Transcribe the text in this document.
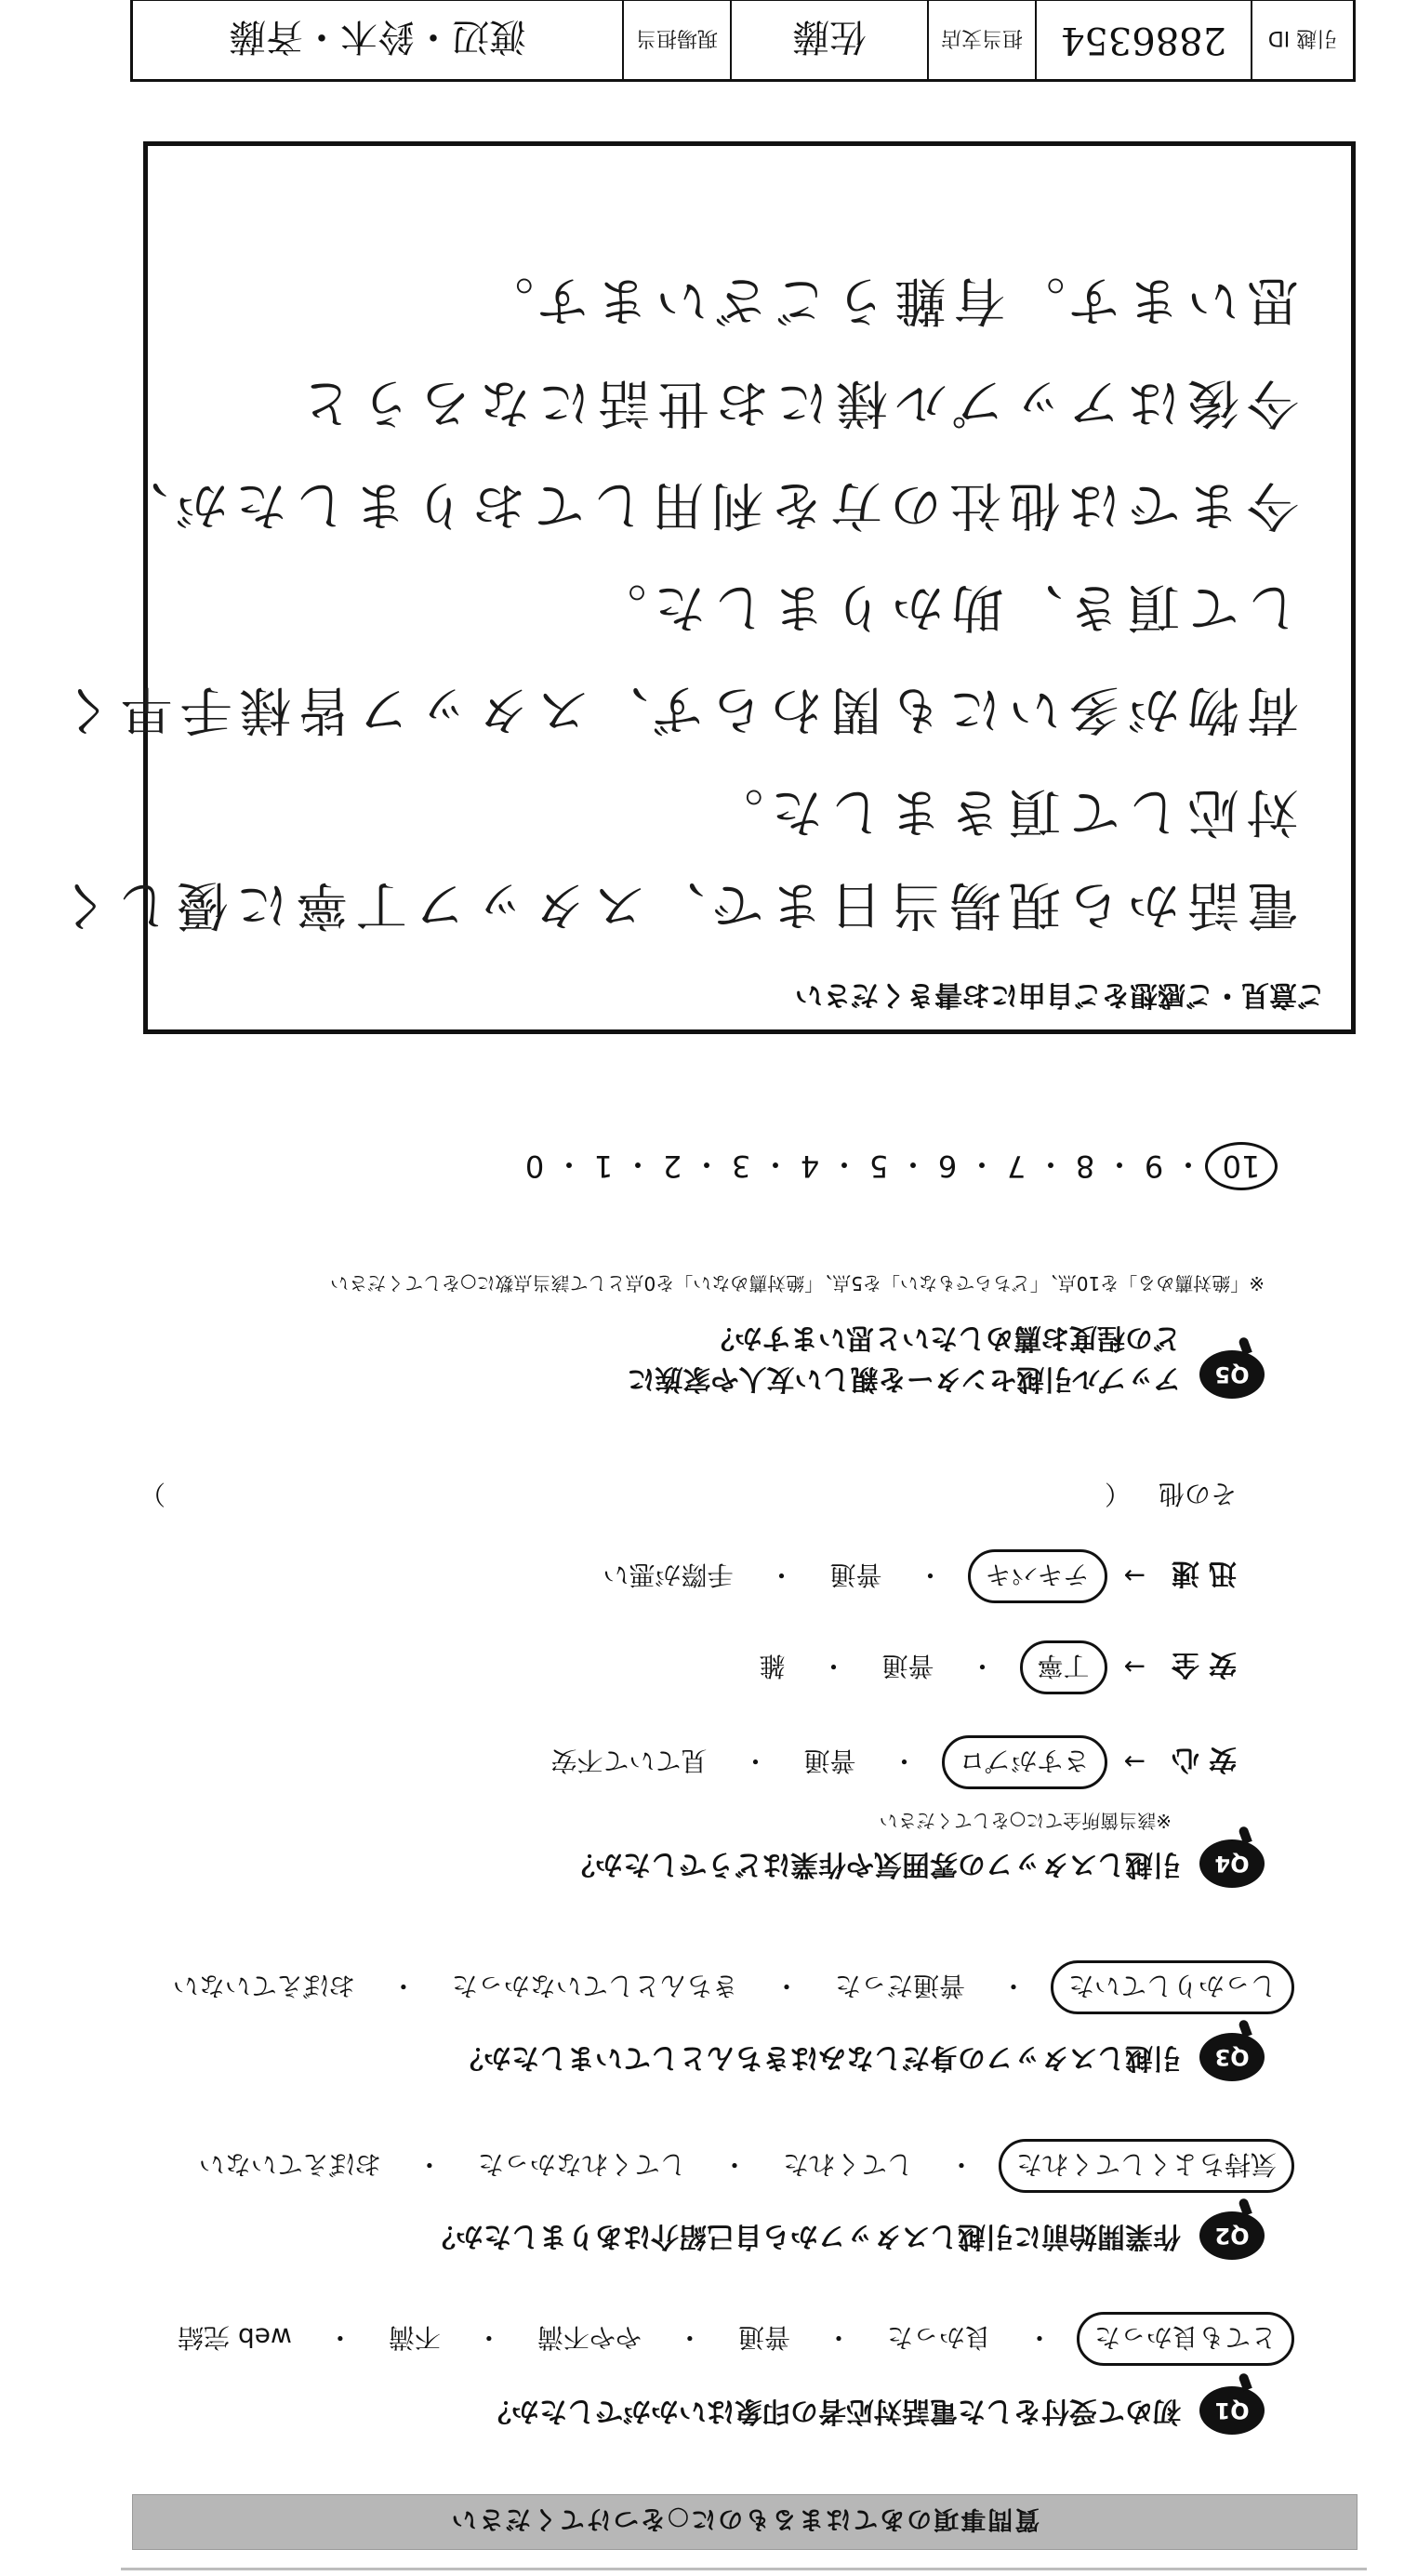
質問事項のあてはまるものに○をつけてください
Q1
初めて受付をした電話対応者の印象はいかがでしたか？
とても良かった
・
良かった
・
普通
・
やや不満
・
不満
・
web 完結
Q2
作業開始前に引越しスタッフから自己紹介はありましたか？
気持ちよくしてくれた
・
してくれた
・
してくれなかった
・
おぼえていない
Q3
引越しスタッフの身だしなみはきちんとしていましたか？
しっかりしていた
・
普通だった
・
きちんとしていなかった
・
おぼえていない
Q4
引越しスタッフの雰囲気や作業はどうでしたか？
※該当箇所全てに○をしてください
安心
→
さすがプロ
・
普通
・
見ていて不安
安全
→
丁寧
・
普通
・
雑
迅速
→
テキパキ
・
普通
・
手際が悪い
その他
（
）
Q5
アップル引越センターを親しい友人や家族に
どの程度お薦めしたいと思いますか？
※「絶対薦める」を10点、「どちらでもない」を5点、「絶対薦めない」を0点として該当点数に○をしてください
10
・
9
・
8
・
7
・
6
・
5
・
4
・
3
・
2
・
1
・
0
ご意見・ご感想をご自由にお書きください
電話から現場当日まで、スタッフ丁寧に優しく
対応して頂きました。
荷物が多いにも関わらず、スタッフ皆様手早く
して頂き、助かりました。
今までは他社の方を利用しておりましたが、
今後はアップル様にお世話になろうと
思います。有難うございます。
引越 ID
2886354
担当支店
佐藤
現場担当
渡辺・鈴木・斉藤
